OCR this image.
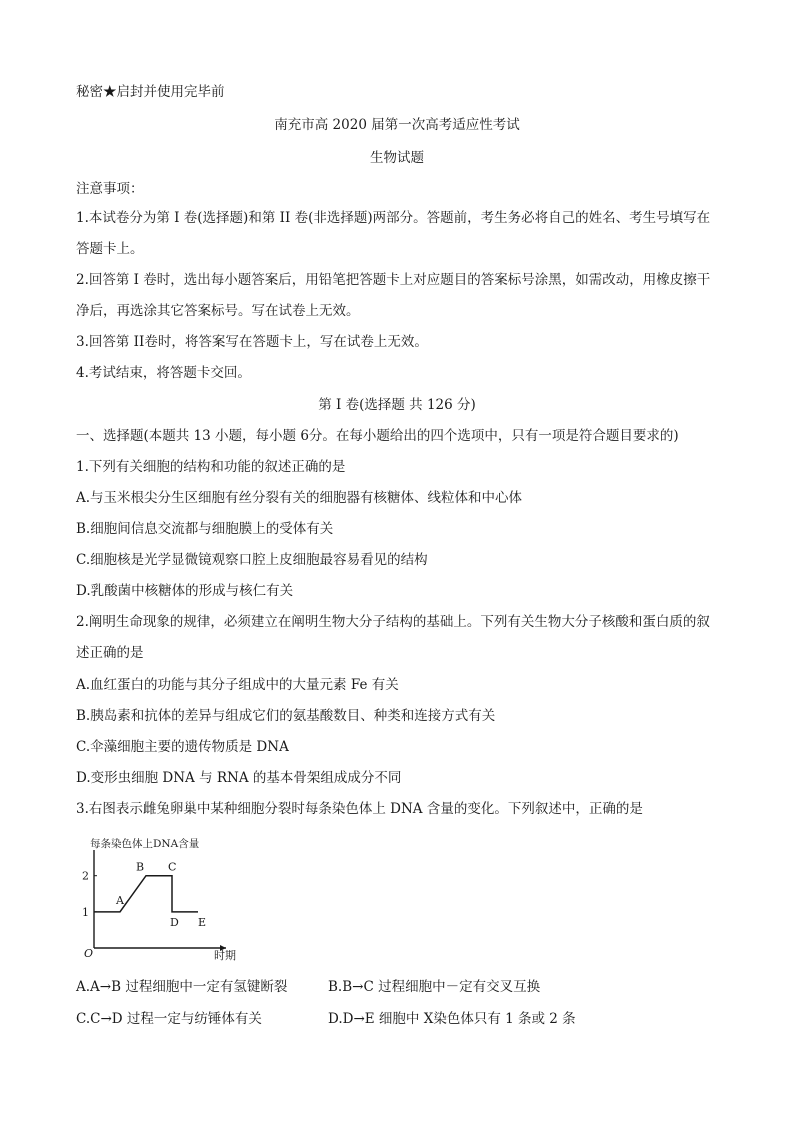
秘密★启封并使用完毕前
南充市高 2020 届第一次高考适应性考试
生物试题
注意事项：
1.本试卷分为第 I 卷(选择题)和第 II 卷(非选择题)两部分。答题前，考生务必将自己的姓名、考生号填写在
答题卡上。
2.回答第 I 卷时，选出每小题答案后，用铅笔把答题卡上对应题目的答案标号涂黑，如需改动，用橡皮擦干
净后，再选涂其它答案标号。写在试卷上无效。
3.回答第 II卷时，将答案写在答题卡上，写在试卷上无效。
4.考试结束，将答题卡交回。
第 I 卷(选择题 共 126 分)
一、选择题(本题共 13 小题，每小题 6分。在每小题给出的四个选项中，只有一项是符合题目要求的)
1.下列有关细胞的结构和功能的叙述正确的是
A.与玉米根尖分生区细胞有丝分裂有关的细胞器有核糖体、线粒体和中心体
B.细胞间信息交流都与细胞膜上的受体有关
C.细胞核是光学显微镜观察口腔上皮细胞最容易看见的结构
D.乳酸菌中核糖体的形成与核仁有关
2.阐明生命现象的规律，必须建立在阐明生物大分子结构的基础上。下列有关生物大分子核酸和蛋白质的叙
述正确的是
A.血红蛋白的功能与其分子组成中的大量元素 Fe 有关
B.胰岛素和抗体的差异与组成它们的氨基酸数目、种类和连接方式有关
C.伞藻细胞主要的遗传物质是 DNA
D.变形虫细胞 DNA 与 RNA 的基本骨架组成成分不同
3.右图表示雌兔卵巢中某种细胞分裂时每条染色体上 DNA 含量的变化。下列叙述中，正确的是
每条染色体上DNA含量
1
2
A
B C
D E
时期
O
A.A→B 过程细胞中一定有氢键断裂	B.B→C 过程细胞中－定有交叉互换
C.C→D 过程一定与纺锤体有关	D.D→E 细胞中 X染色体只有 1 条或 2 条
